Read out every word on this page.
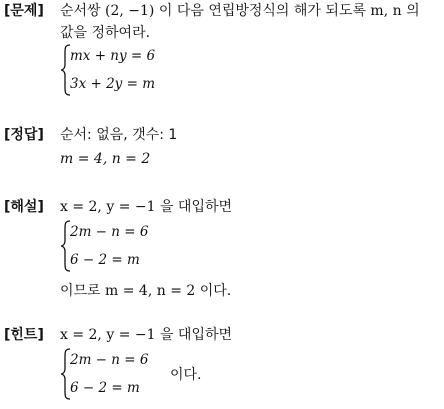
[문제] 순서쌍 (2, −1) 이 다음 연립방정식의 해가 되도록 m, n 의
값을 정하여라.
mx + ny = 6
3x + 2y = m
[정답] 순서: 없음, 갯수: 1
m = 4, n = 2
[해설] x = 2, y = −1 을 대입하면
2m − n = 6
6 − 2 = m
이므로 m = 4, n = 2 이다.
[힌트] x = 2, y = −1 을 대입하면
2m − n = 6
6 − 2 = m
이다.
